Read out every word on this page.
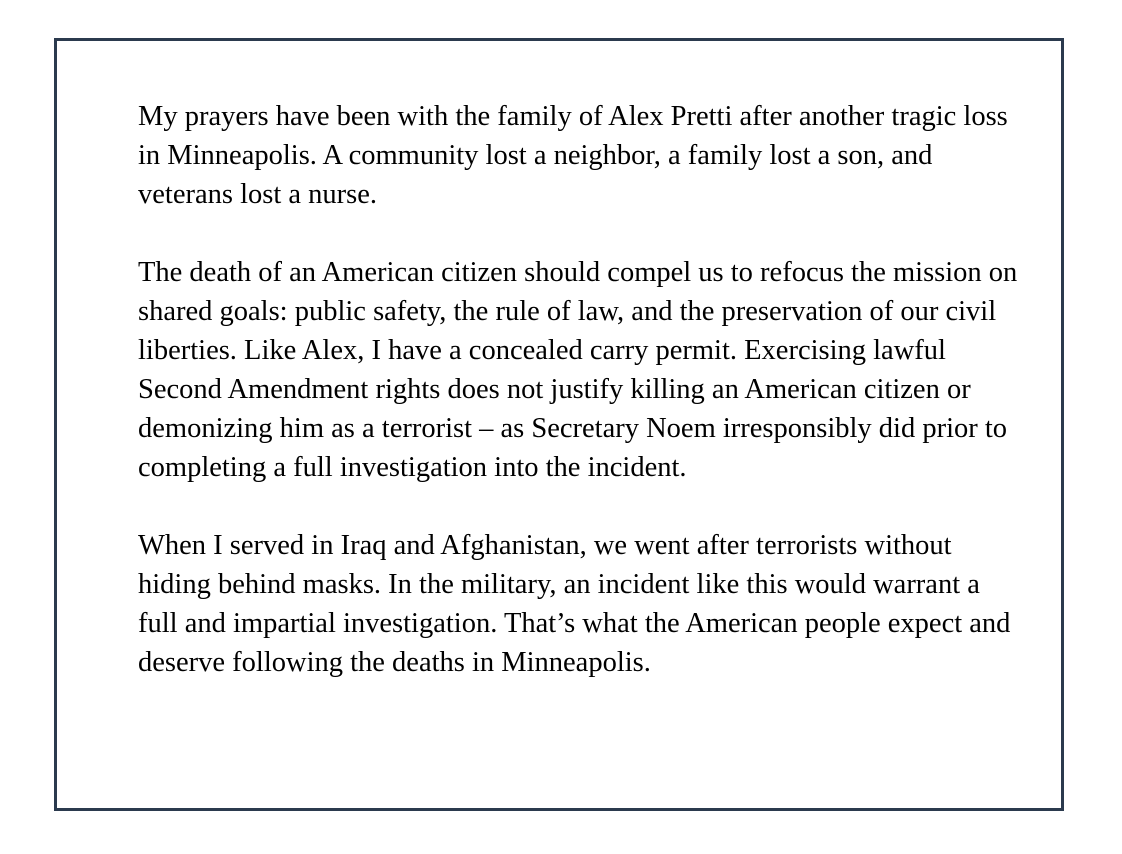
My prayers have been with the family of Alex Pretti after another tragic loss in Minneapolis. A community lost a neighbor, a family lost a son, and veterans lost a nurse.

The death of an American citizen should compel us to refocus the mission on shared goals: public safety, the rule of law, and the preservation of our civil liberties. Like Alex, I have a concealed carry permit. Exercising lawful Second Amendment rights does not justify killing an American citizen or demonizing him as a terrorist – as Secretary Noem irresponsibly did prior to completing a full investigation into the incident.

When I served in Iraq and Afghanistan, we went after terrorists without hiding behind masks. In the military, an incident like this would warrant a full and impartial investigation. That’s what the American people expect and deserve following the deaths in Minneapolis.
